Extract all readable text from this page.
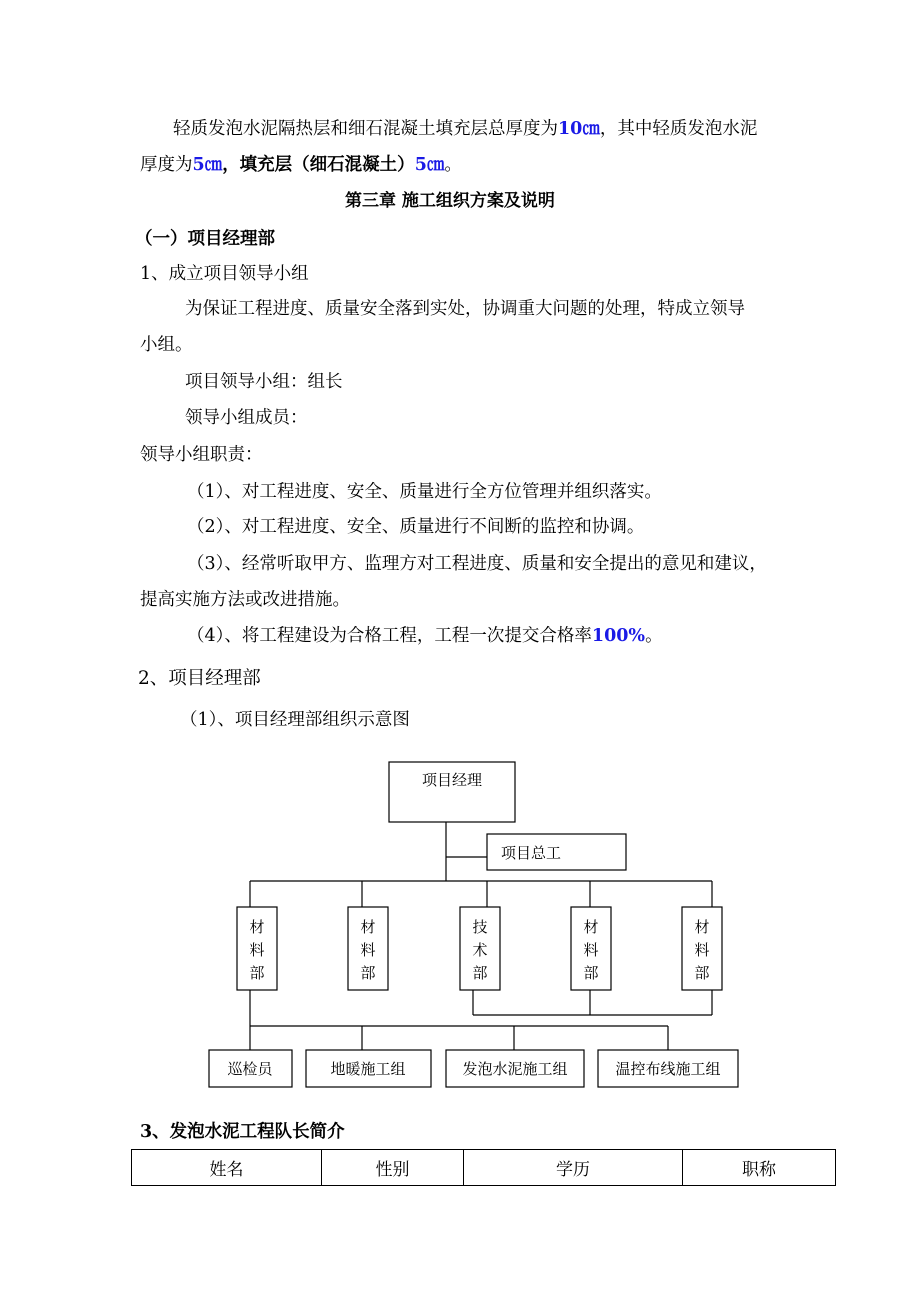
轻质发泡水泥隔热层和细石混凝土填充层总厚度为10㎝，其中轻质发泡水泥
厚度为5㎝，填充层（细石混凝土）5㎝。
第三章 施工组织方案及说明
（一）项目经理部
1、成立项目领导小组
为保证工程进度、质量安全落到实处，协调重大问题的处理，特成立领导
小组。
项目领导小组：组长
领导小组成员：
领导小组职责：
（1）、对工程进度、安全、质量进行全方位管理并组织落实。
（2）、对工程进度、安全、质量进行不间断的监控和协调。
（3）、经常听取甲方、监理方对工程进度、质量和安全提出的意见和建议，
提高实施方法或改进措施。
（4）、将工程建设为合格工程，工程一次提交合格率100%。
2、项目经理部
（1）、项目经理部组织示意图
项目经理
项目总工
材
料
部
材
料
部
技
术
部
材
料
部
材
料
部
巡检员	地暖施工组	发泡水泥施工组	温控布线施工组
3、发泡水泥工程队长简介
姓名	性别	学历	职称
